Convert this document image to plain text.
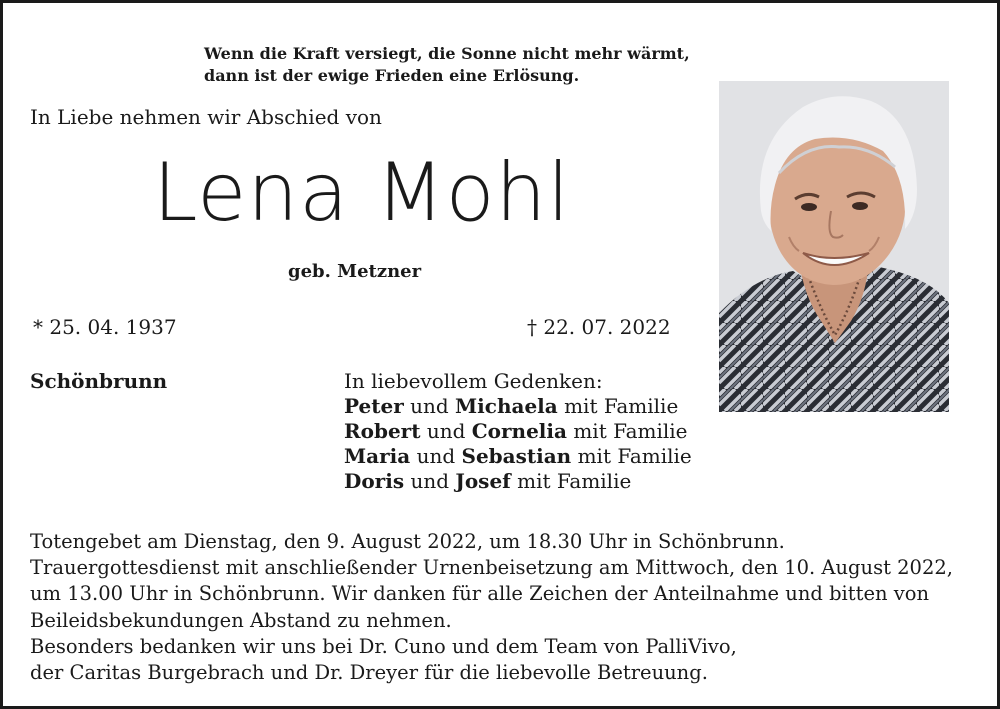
Wenn die Kraft versiegt, die Sonne nicht mehr wärmt,
dann ist der ewige Frieden eine Erlösung.
In Liebe nehmen wir Abschied von
Lena Mohl
geb. Metzner
* 25. 04. 1937	† 22. 07. 2022
Schönbrunn	In liebevollem Gedenken:
Peter und Michaela mit Familie
Robert und Cornelia mit Familie
Maria und Sebastian mit Familie
Doris und Josef mit Familie
Totengebet am Dienstag, den 9. August 2022, um 18.30 Uhr in Schönbrunn.
Trauergottesdienst mit anschließender Urnenbeisetzung am Mittwoch, den 10. August 2022,
um 13.00 Uhr in Schönbrunn. Wir danken für alle Zeichen der Anteilnahme und bitten von
Beileidsbekundungen Abstand zu nehmen.
Besonders bedanken wir uns bei Dr. Cuno und dem Team von PalliVivo,
der Caritas Burgebrach und Dr. Dreyer für die liebevolle Betreuung.
